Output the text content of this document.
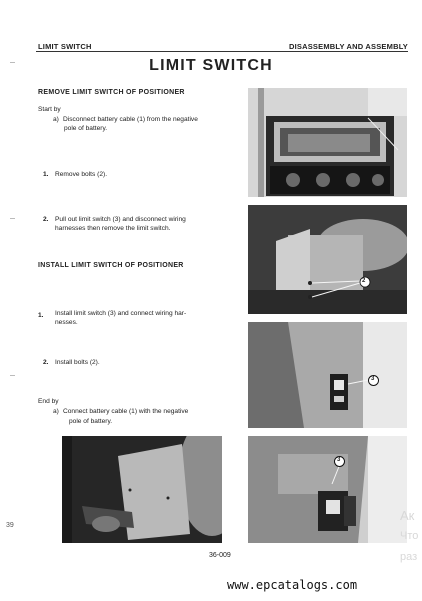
LIMIT SWITCH	DISASSEMBLY AND ASSEMBLY
LIMIT SWITCH
39
REMOVE LIMIT SWITCH OF POSITIONER
Start by
a) Disconnect battery cable (1) from the negative
pole of battery.
1. Remove bolts (2).
2. Pull out limit switch (3) and disconnect wiring
harnesses then remove the limit switch.
INSTALL LIMIT SWITCH OF POSITIONER
1. Install limit switch (3) and connect wiring har-
nesses.
2. Install bolts (2).
End by
a) Connect battery cable (1) with the negative
pole of battery.
2
3
3
Ак
Что
раз
36-009
www.epcatalogs.com
